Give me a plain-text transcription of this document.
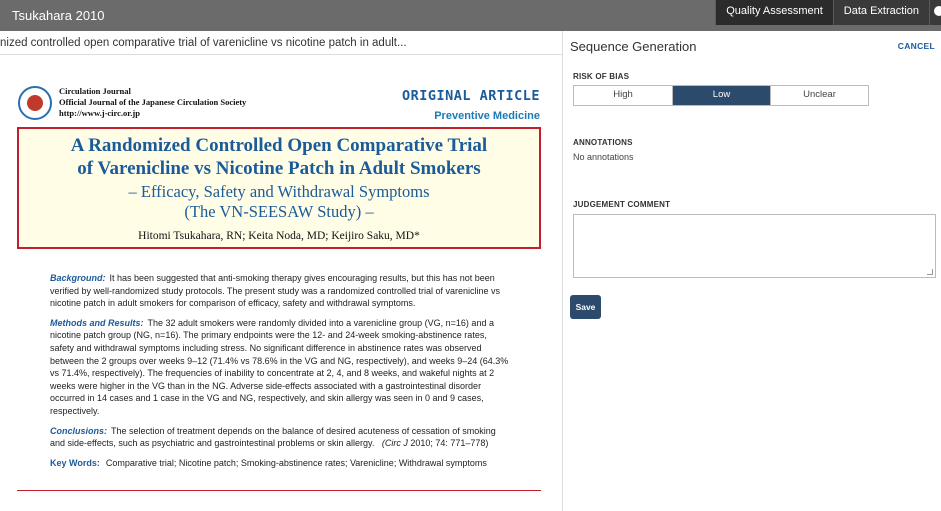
Tsukahara 2010	Quality Assessment	Data Extraction
nized controlled open comparative trial of varenicline vs nicotine patch in adult...
Circulation Journal
Official Journal of the Japanese Circulation Society
http://www.j-circ.or.jp
ORIGINAL ARTICLE
Preventive Medicine
A Randomized Controlled Open Comparative Trial
of Varenicline vs Nicotine Patch in Adult Smokers
– Efficacy, Safety and Withdrawal Symptoms
(The VN-SEESAW Study) –
Hitomi Tsukahara, RN; Keita Noda, MD; Keijiro Saku, MD*

Background: It has been suggested that anti-smoking therapy gives encouraging results, but this has not been verified by well-randomized study protocols. The present study was a randomized controlled trial of varenicline vs nicotine patch in adult smokers for comparison of efficacy, safety and withdrawal symptoms.

Methods and Results: The 32 adult smokers were randomly divided into a varenicline group (VG, n=16) and a nicotine patch group (NG, n=16). The primary endpoints were the 12- and 24-week smoking-abstinence rates, safety and withdrawal symptoms including stress. No significant difference in abstinence rates was observed between the 2 groups over weeks 9–12 (71.4% vs 78.6% in the VG and NG, respectively), and weeks 9–24 (64.3% vs 71.4%, respectively). The frequencies of inability to concentrate at 2, 4, and 8 weeks, and wakeful nights at 2 weeks were higher in the VG than in the NG. Adverse side-effects associated with a gastrointestinal disorder occurred in 14 cases and 1 case in the VG and NG, respectively, and skin allergy was seen in 0 and 9 cases, respectively.

Conclusions: The selection of treatment depends on the balance of desired acuteness of cessation of smoking and side-effects, such as psychiatric and gastrointestinal problems or skin allergy. (Circ J 2010; 74: 771–778)

Key Words: Comparative trial; Nicotine patch; Smoking-abstinence rates; Varenicline; Withdrawal symptoms

Sequence Generation	CANCEL
RISK OF BIAS
High	Low	Unclear
ANNOTATIONS
No annotations
JUDGEMENT COMMENT
Save
